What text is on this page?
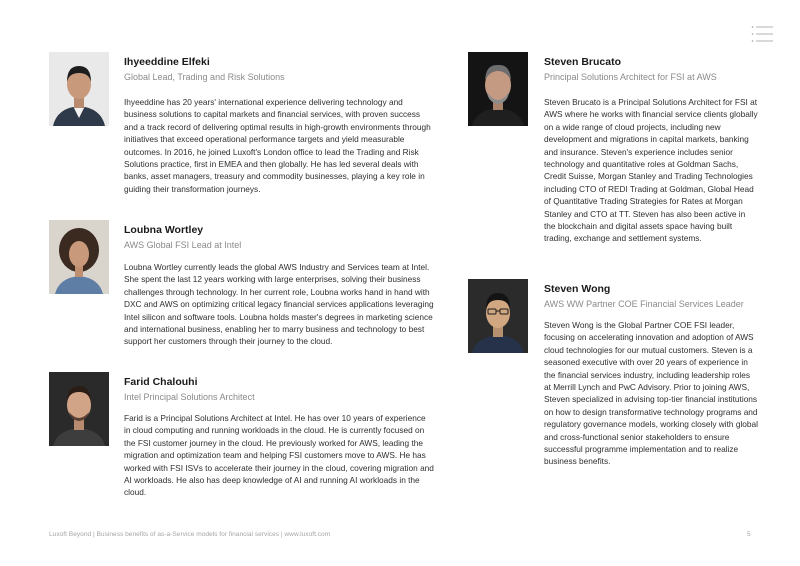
Ihyeeddine Elfeki
Global Lead, Trading and Risk Solutions
Ihyeeddine has 20 years' international experience delivering technology and business solutions to capital markets and financial services, with proven success and a track record of delivering optimal results in high-growth environments through initiatives that exceed operational performance targets and yield measurable outcomes. In 2016, he joined Luxoft's London office to lead the Trading and Risk Solutions practice, first in EMEA and then globally. He has led several deals with banks, asset managers, treasury and commodity businesses, playing a key role in guiding their transformation journeys.
Loubna Wortley
AWS Global FSI Lead at Intel
Loubna Wortley currently leads the global AWS Industry and Services team at Intel. She spent the last 12 years working with large enterprises, solving their business challenges through technology. In her current role, Loubna works hand in hand with DXC and AWS on optimizing critical legacy financial services applications leveraging Intel silicon and software tools. Loubna holds master's degrees in marketing science and international business, enabling her to marry business and technology to best support her customers through their journey to the cloud.
Farid Chalouhi
Intel Principal Solutions Architect
Farid is a Principal Solutions Architect at Intel. He has over 10 years of experience in cloud computing and running workloads in the cloud. He is currently focused on the FSI customer journey in the cloud. He previously worked for AWS, leading the migration and optimization team and helping FSI customers move to AWS. He has worked with FSI ISVs to accelerate their journey in the cloud, covering migration and AI workloads. He also has deep knowledge of AI and running AI workloads in the cloud.
Steven Brucato
Principal Solutions Architect for FSI at AWS
Steven Brucato is a Principal Solutions Architect for FSI at AWS where he works with financial service clients globally on a wide range of cloud projects, including new development and migrations in capital markets, banking and insurance. Steven's experience includes senior technology and quantitative roles at Goldman Sachs, Credit Suisse, Morgan Stanley and Trading Technologies including CTO of REDI Trading at Goldman, Global Head of Quantitative Trading Strategies for Rates at Morgan Stanley and CTO at TT. Steven has also been active in the blockchain and digital assets space having built trading, exchange and settlement systems.
Steven Wong
AWS WW Partner COE Financial Services Leader
Steven Wong is the Global Partner COE FSI leader, focusing on accelerating innovation and adoption of AWS cloud technologies for our mutual customers. Steven is a seasoned executive with over 20 years of experience in the financial services industry, including leadership roles at Merrill Lynch and PwC Advisory. Prior to joining AWS, Steven specialized in advising top-tier financial institutions on how to design transformative technology programs and regulatory governance models, working closely with global and cross-functional senior stakeholders to ensure successful programme implementation and to realize business benefits.
Luxoft Beyond | Business benefits of as-a-Service models for financial services | www.luxoft.com	5
